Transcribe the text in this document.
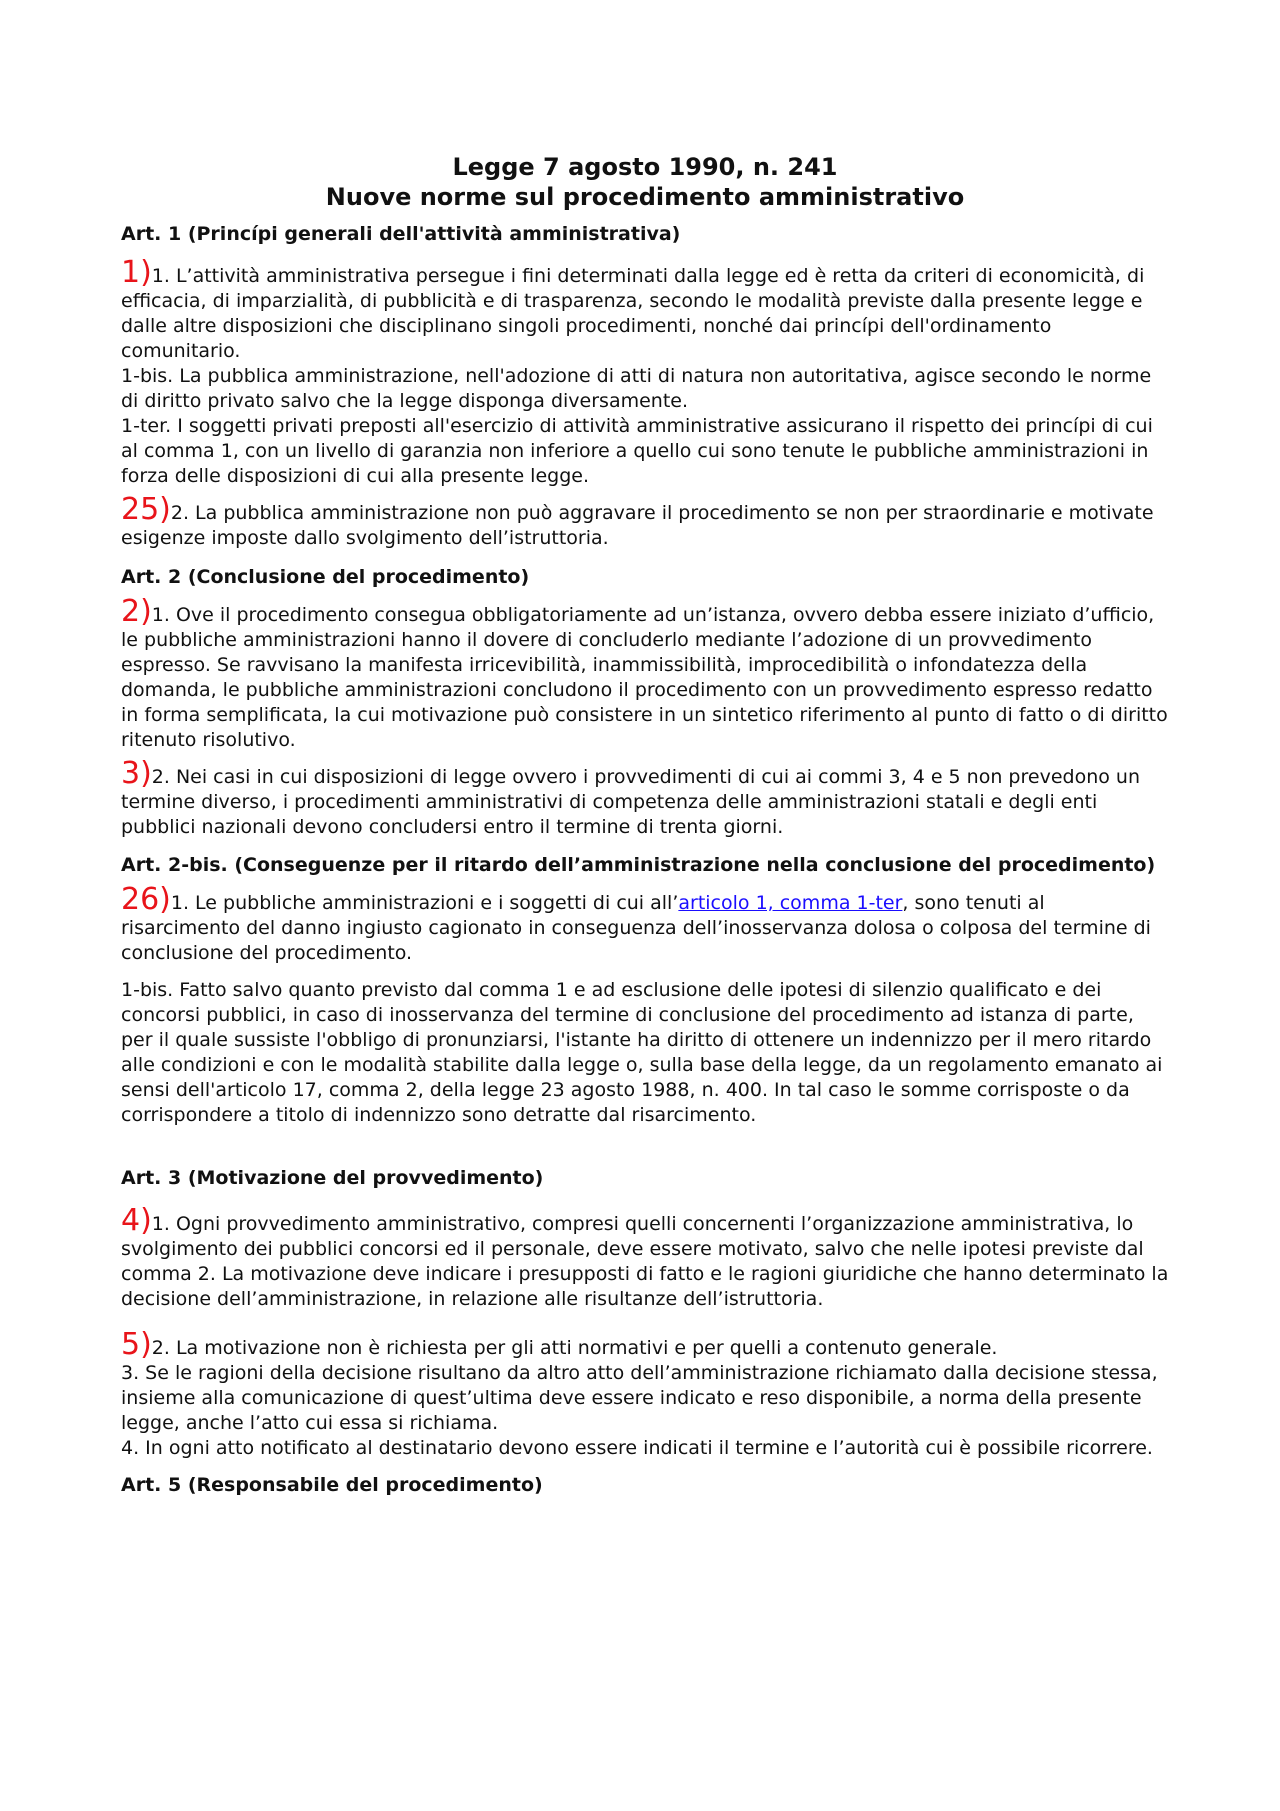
Legge 7 agosto 1990, n. 241
Nuove norme sul procedimento amministrativo
Art. 1 (Princípi generali dell'attività amministrativa)

1)1. L’attività amministrativa persegue i fini determinati dalla legge ed è retta da criteri di economicità, di efficacia, di imparzialità, di pubblicità e di trasparenza, secondo le modalità previste dalla presente legge e dalle altre disposizioni che disciplinano singoli procedimenti, nonché dai princípi dell'ordinamento comunitario.

1-bis. La pubblica amministrazione, nell'adozione di atti di natura non autoritativa, agisce secondo le norme di diritto privato salvo che la legge disponga diversamente.

1-ter. I soggetti privati preposti all'esercizio di attività amministrative assicurano il rispetto dei princípi di cui al comma 1, con un livello di garanzia non inferiore a quello cui sono tenute le pubbliche amministrazioni in forza delle disposizioni di cui alla presente legge.

25)2. La pubblica amministrazione non può aggravare il procedimento se non per straordinarie e motivate esigenze imposte dallo svolgimento dell’istruttoria.

Art. 2 (Conclusione del procedimento)

2)1. Ove il procedimento consegua obbligatoriamente ad un’istanza, ovvero debba essere iniziato d’ufficio, le pubbliche amministrazioni hanno il dovere di concluderlo mediante l’adozione di un provvedimento espresso. Se ravvisano la manifesta irricevibilità, inammissibilità, improcedibilità o infondatezza della domanda, le pubbliche amministrazioni concludono il procedimento con un provvedimento espresso redatto in forma semplificata, la cui motivazione può consistere in un sintetico riferimento al punto di fatto o di diritto ritenuto risolutivo.

3)2. Nei casi in cui disposizioni di legge ovvero i provvedimenti di cui ai commi 3, 4 e 5 non prevedono un termine diverso, i procedimenti amministrativi di competenza delle amministrazioni statali e degli enti pubblici nazionali devono concludersi entro il termine di trenta giorni.

Art. 2-bis. (Conseguenze per il ritardo dell’amministrazione nella conclusione del procedimento)

26)1. Le pubbliche amministrazioni e i soggetti di cui all’articolo 1, comma 1-ter, sono tenuti al risarcimento del danno ingiusto cagionato in conseguenza dell’inosservanza dolosa o colposa del termine di conclusione del procedimento.

1-bis. Fatto salvo quanto previsto dal comma 1 e ad esclusione delle ipotesi di silenzio qualificato e dei concorsi pubblici, in caso di inosservanza del termine di conclusione del procedimento ad istanza di parte, per il quale sussiste l'obbligo di pronunziarsi, l'istante ha diritto di ottenere un indennizzo per il mero ritardo alle condizioni e con le modalità stabilite dalla legge o, sulla base della legge, da un regolamento emanato ai sensi dell'articolo 17, comma 2, della legge 23 agosto 1988, n. 400. In tal caso le somme corrisposte o da corrispondere a titolo di indennizzo sono detratte dal risarcimento.

Art. 3 (Motivazione del provvedimento)

4)1. Ogni provvedimento amministrativo, compresi quelli concernenti l’organizzazione amministrativa, lo svolgimento dei pubblici concorsi ed il personale, deve essere motivato, salvo che nelle ipotesi previste dal comma 2. La motivazione deve indicare i presupposti di fatto e le ragioni giuridiche che hanno determinato la decisione dell’amministrazione, in relazione alle risultanze dell’istruttoria.

5)2. La motivazione non è richiesta per gli atti normativi e per quelli a contenuto generale.

3. Se le ragioni della decisione risultano da altro atto dell’amministrazione richiamato dalla decisione stessa, insieme alla comunicazione di quest’ultima deve essere indicato e reso disponibile, a norma della presente legge, anche l’atto cui essa si richiama.

4. In ogni atto notificato al destinatario devono essere indicati il termine e l’autorità cui è possibile ricorrere.

Art. 5 (Responsabile del procedimento)
